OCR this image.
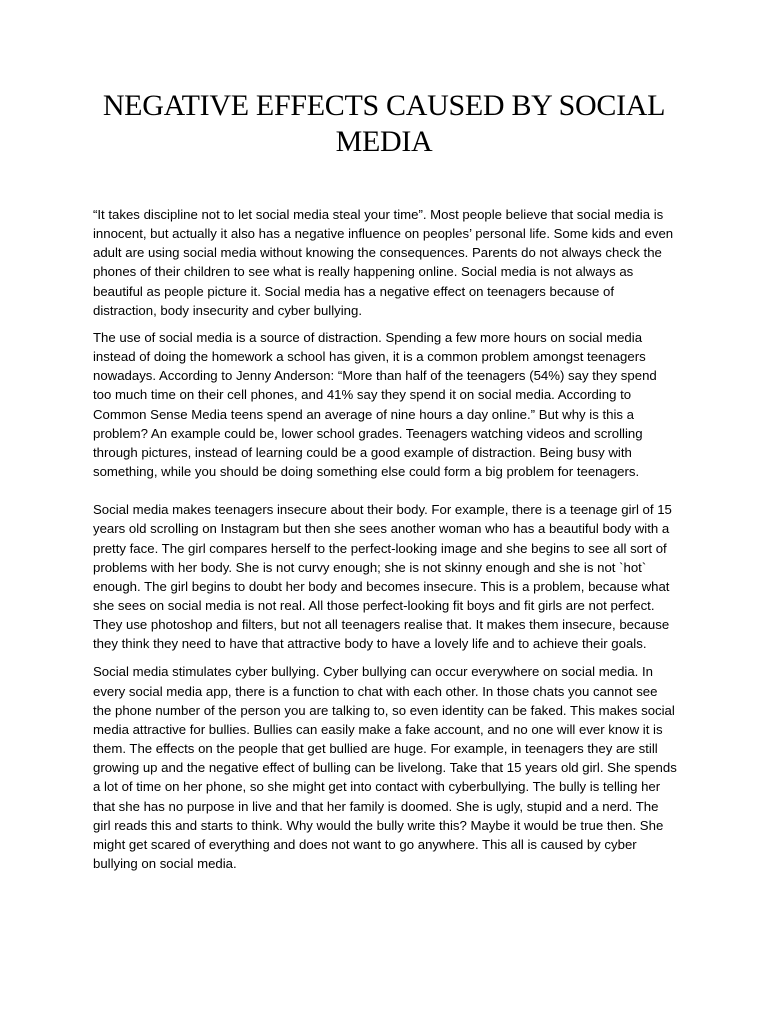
NEGATIVE EFFECTS CAUSED BY SOCIAL MEDIA

“It takes discipline not to let social media steal your time”. Most people believe that social media is innocent, but actually it also has a negative influence on peoples’ personal life. Some kids and even adult are using social media without knowing the consequences. Parents do not always check the phones of their children to see what is really happening online. Social media is not always as beautiful as people picture it. Social media has a negative effect on teenagers because of distraction, body insecurity and cyber bullying.

The use of social media is a source of distraction. Spending a few more hours on social media instead of doing the homework a school has given, it is a common problem amongst teenagers nowadays. According to Jenny Anderson: “More than half of the teenagers (54%) say they spend too much time on their cell phones, and 41% say they spend it on social media. According to Common Sense Media teens spend an average of nine hours a day online.” But why is this a problem? An example could be, lower school grades. Teenagers watching videos and scrolling through pictures, instead of learning could be a good example of distraction. Being busy with something, while you should be doing something else could form a big problem for teenagers.

Social media makes teenagers insecure about their body. For example, there is a teenage girl of 15 years old scrolling on Instagram but then she sees another woman who has a beautiful body with a pretty face. The girl compares herself to the perfect-looking image and she begins to see all sort of problems with her body. She is not curvy enough; she is not skinny enough and she is not `hot` enough. The girl begins to doubt her body and becomes insecure. This is a problem, because what she sees on social media is not real. All those perfect-looking fit boys and fit girls are not perfect. They use photoshop and filters, but not all teenagers realise that. It makes them insecure, because they think they need to have that attractive body to have a lovely life and to achieve their goals.

Social media stimulates cyber bullying. Cyber bullying can occur everywhere on social media. In every social media app, there is a function to chat with each other. In those chats you cannot see the phone number of the person you are talking to, so even identity can be faked. This makes social media attractive for bullies. Bullies can easily make a fake account, and no one will ever know it is them. The effects on the people that get bullied are huge. For example, in teenagers they are still growing up and the negative effect of bulling can be livelong. Take that 15 years old girl. She spends a lot of time on her phone, so she might get into contact with cyberbullying. The bully is telling her that she has no purpose in live and that her family is doomed. She is ugly, stupid and a nerd. The girl reads this and starts to think. Why would the bully write this? Maybe it would be true then. She might get scared of everything and does not want to go anywhere. This all is caused by cyber bullying on social media.
